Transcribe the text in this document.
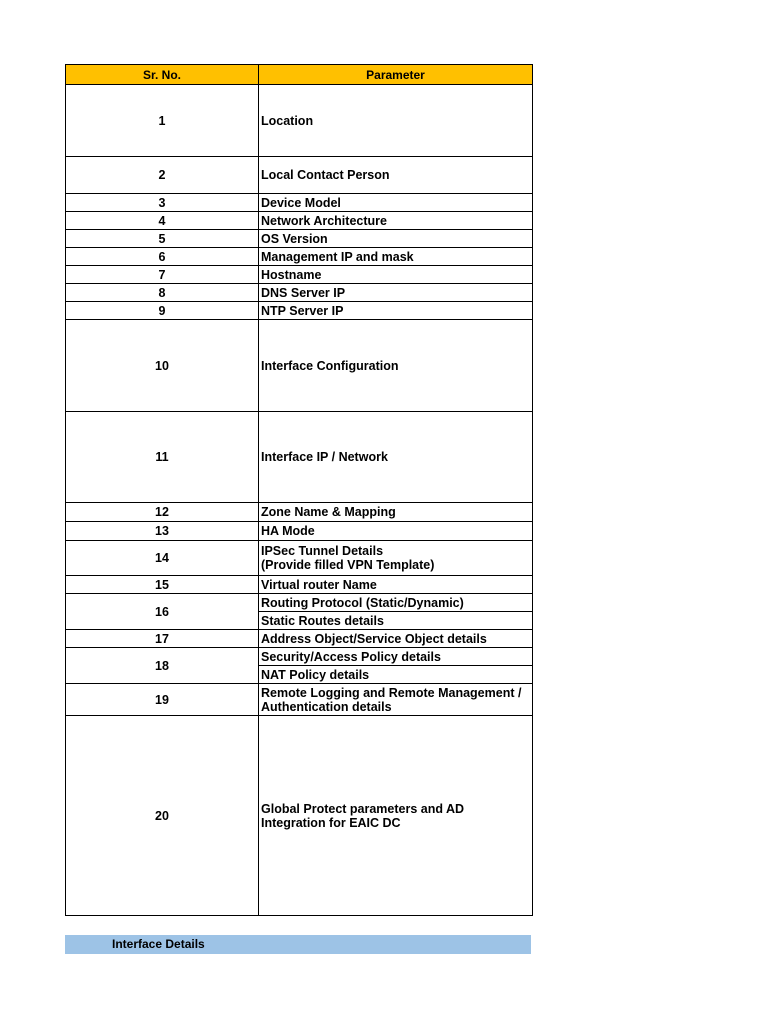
Sr. No.	Parameter
1	Location
2	Local Contact Person
3	Device Model
4	Network Architecture
5	OS Version
6	Management IP and mask
7	Hostname
8	DNS Server IP
9	NTP Server IP
10	Interface Configuration
11	Interface IP / Network
12	Zone Name & Mapping
13	HA Mode
14	IPSec Tunnel Details
(Provide filled VPN Template)
15	Virtual router Name
16	Routing Protocol (Static/Dynamic)
	Static Routes details
17	Address Object/Service Object details
18	Security/Access Policy details
	NAT Policy details
19	Remote Logging and Remote Management / Authentication details
20	Global Protect parameters and AD Integration for EAIC DC
Interface Details
